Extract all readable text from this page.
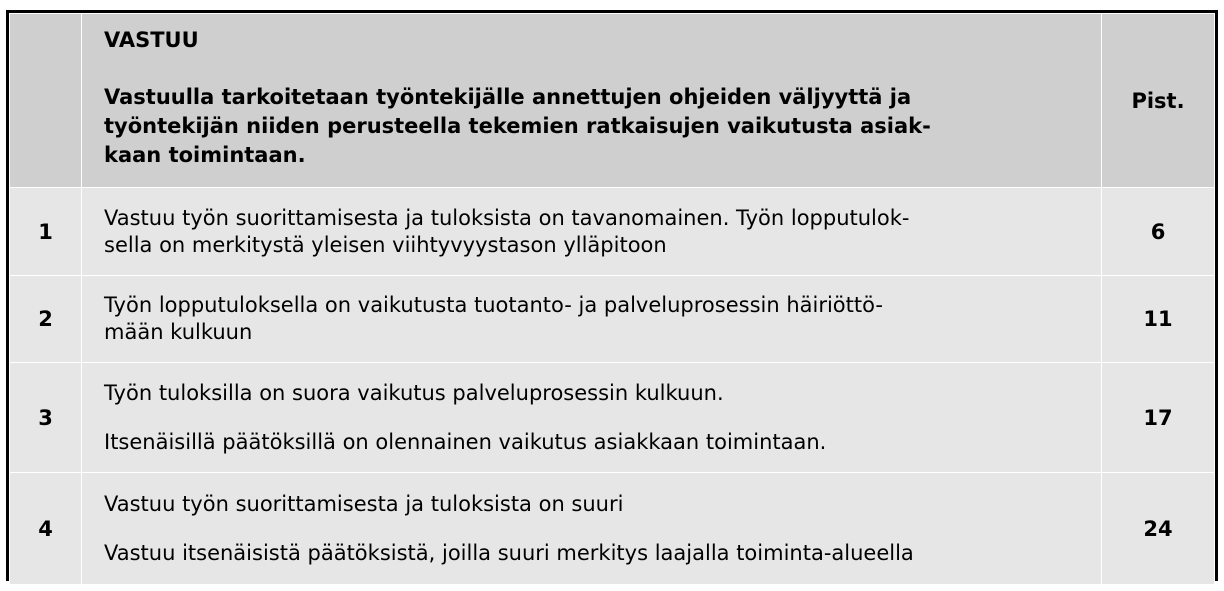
	VASTUU
Vastuulla tarkoitetaan työntekijälle annettujen ohjeiden väljyyttä ja
työntekijän niiden perusteella tekemien ratkaisujen vaikutusta asiak-
kaan toimintaan.	Pist.
1	Vastuu työn suorittamisesta ja tuloksista on tavanomainen. Työn lopputulok-
sella on merkitystä yleisen viihtyvyystason ylläpitoon	6
2	Työn lopputuloksella on vaikutusta tuotanto- ja palveluprosessin häiriöttö-
mään kulkuun	11
3	Työn tuloksilla on suora vaikutus palveluprosessin kulkuun.
Itsenäisillä päätöksillä on olennainen vaikutus asiakkaan toimintaan.	17
4	Vastuu työn suorittamisesta ja tuloksista on suuri
Vastuu itsenäisistä päätöksistä, joilla suuri merkitys laajalla toiminta-alueella	24
